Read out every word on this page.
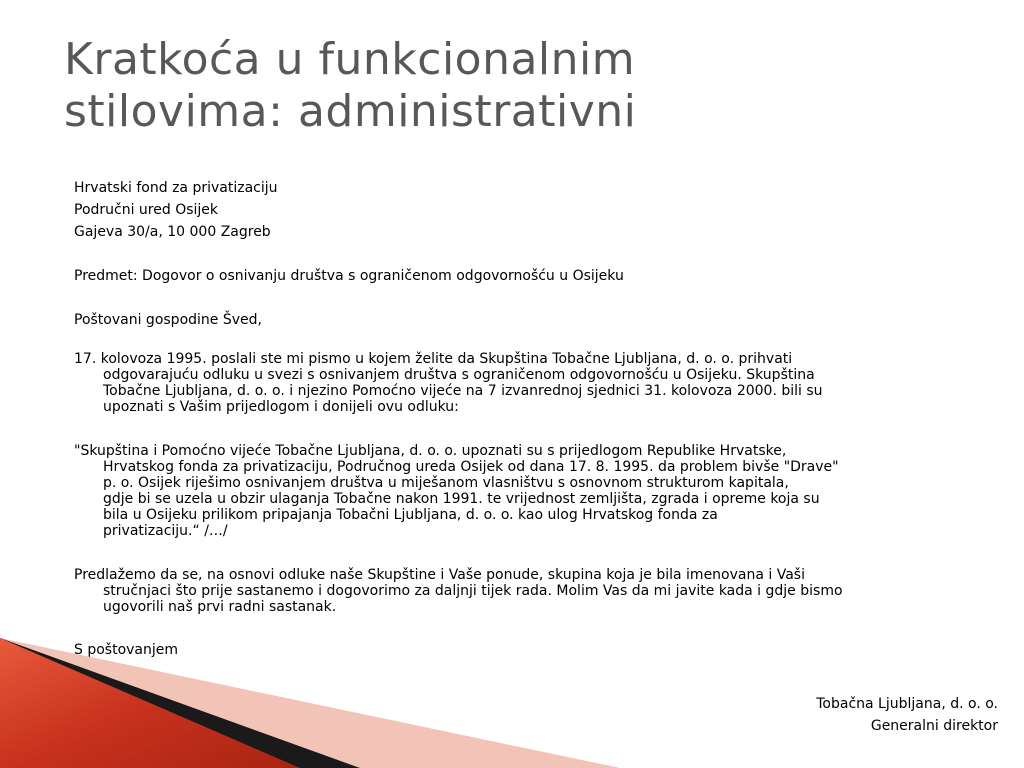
Kratkoća u funkcionalnim
stilovima: administrativni
Hrvatski fond za privatizaciju
Područni ured Osijek
Gajeva 30/a, 10 000 Zagreb
Predmet: Dogovor o osnivanju društva s ograničenom odgovornošću u Osijeku
Poštovani gospodine Šved,
17. kolovoza 1995. poslali ste mi pismo u kojem želite da Skupština Tobačne Ljubljana, d. o. o. prihvati
odgovarajuću odluku u svezi s osnivanjem društva s ograničenom odgovornošću u Osijeku. Skupština
Tobačne Ljubljana, d. o. o. i njezino Pomoćno vijeće na 7 izvanrednoj sjednici 31. kolovoza 2000. bili su
upoznati s Vašim prijedlogom i donijeli ovu odluku:
"Skupština i Pomoćno vijeće Tobačne Ljubljana, d. o. o. upoznati su s prijedlogom Republike Hrvatske,
Hrvatskog fonda za privatizaciju, Područnog ureda Osijek od dana 17. 8. 1995. da problem bivše "Drave"
p. o. Osijek riješimo osnivanjem društva u miješanom vlasništvu s osnovnom strukturom kapitala,
gdje bi se uzela u obzir ulaganja Tobačne nakon 1991. te vrijednost zemljišta, zgrada i opreme koja su
bila u Osijeku prilikom pripajanja Tobačni Ljubljana, d. o. o. kao ulog Hrvatskog fonda za
privatizaciju.“ /…/
Predlažemo da se, na osnovi odluke naše Skupštine i Vaše ponude, skupina koja je bila imenovana i Vaši
stručnjaci što prije sastanemo i dogovorimo za daljnji tijek rada. Molim Vas da mi javite kada i gdje bismo
ugovorili naš prvi radni sastanak.
S poštovanjem
Tobačna Ljubljana, d. o. o.
Generalni direktor
